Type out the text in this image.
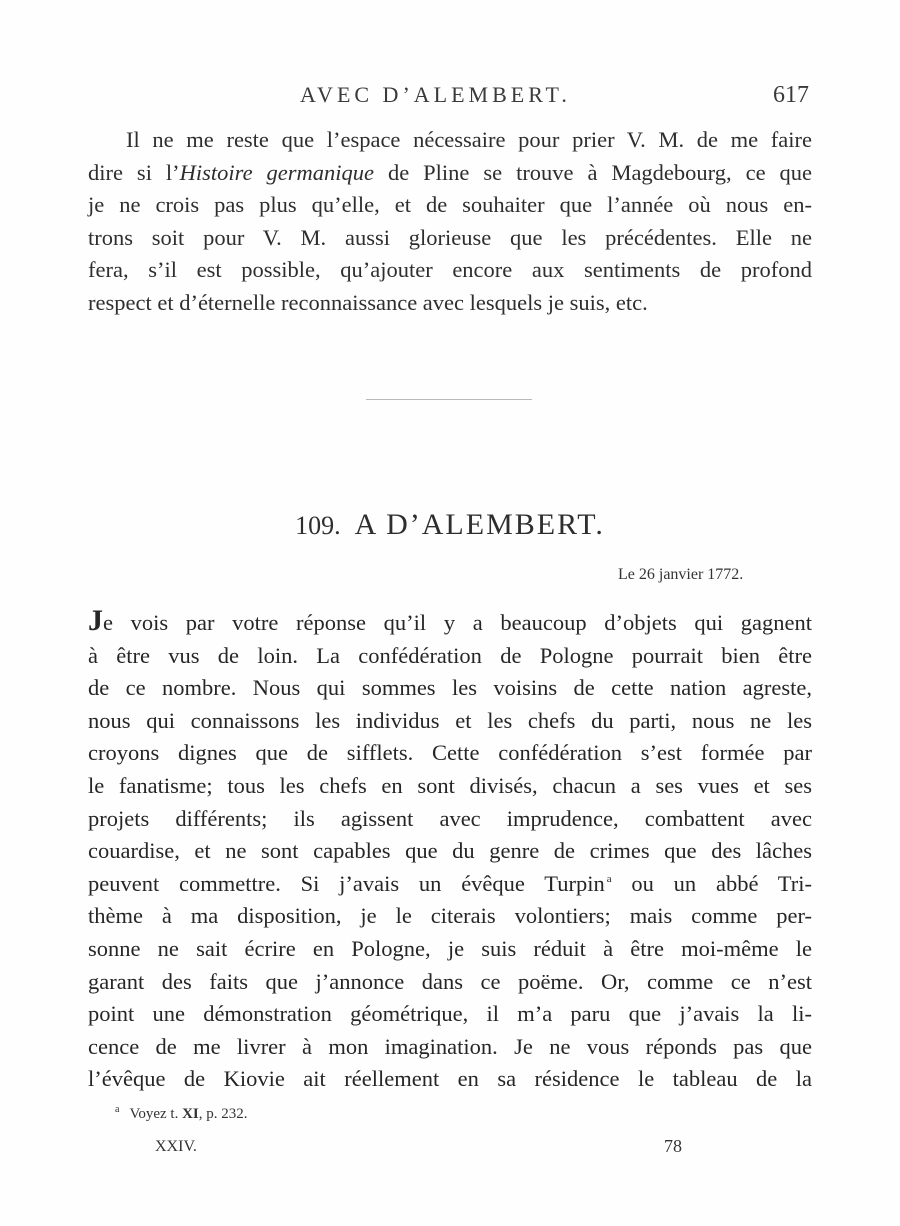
AVEC D’ALEMBERT.	617
Il ne me reste que l’espace nécessaire pour prier V. M. de me faire
dire si l’Histoire germanique de Pline se trouve à Magdebourg, ce que
je ne crois pas plus qu’elle, et de souhaiter que l’année où nous en-
trons soit pour V. M. aussi glorieuse que les précédentes. Elle ne
fera, s’il est possible, qu’ajouter encore aux sentiments de profond
respect et d’éternelle reconnaissance avec lesquels je suis, etc.
109. A D’ALEMBERT.
Le 26 janvier 1772.
Je vois par votre réponse qu’il y a beaucoup d’objets qui gagnent
à être vus de loin. La confédération de Pologne pourrait bien être
de ce nombre. Nous qui sommes les voisins de cette nation agreste,
nous qui connaissons les individus et les chefs du parti, nous ne les
croyons dignes que de sifflets. Cette confédération s’est formée par
le fanatisme; tous les chefs en sont divisés, chacun a ses vues et ses
projets différents; ils agissent avec imprudence, combattent avec
couardise, et ne sont capables que du genre de crimes que des lâches
peuvent commettre. Si j’avais un évêque Turpin $^a$ ou un abbé Tri-
thème à ma disposition, je le citerais volontiers; mais comme per-
sonne ne sait écrire en Pologne, je suis réduit à être moi-même le
garant des faits que j’annonce dans ce poëme. Or, comme ce n’est
point une démonstration géométrique, il m’a paru que j’avais la li-
cence de me livrer à mon imagination. Je ne vous réponds pas que
l’évêque de Kiovie ait réellement en sa résidence le tableau de la
$^a$ Voyez t. XI, p. 232.
XXIV.	78
